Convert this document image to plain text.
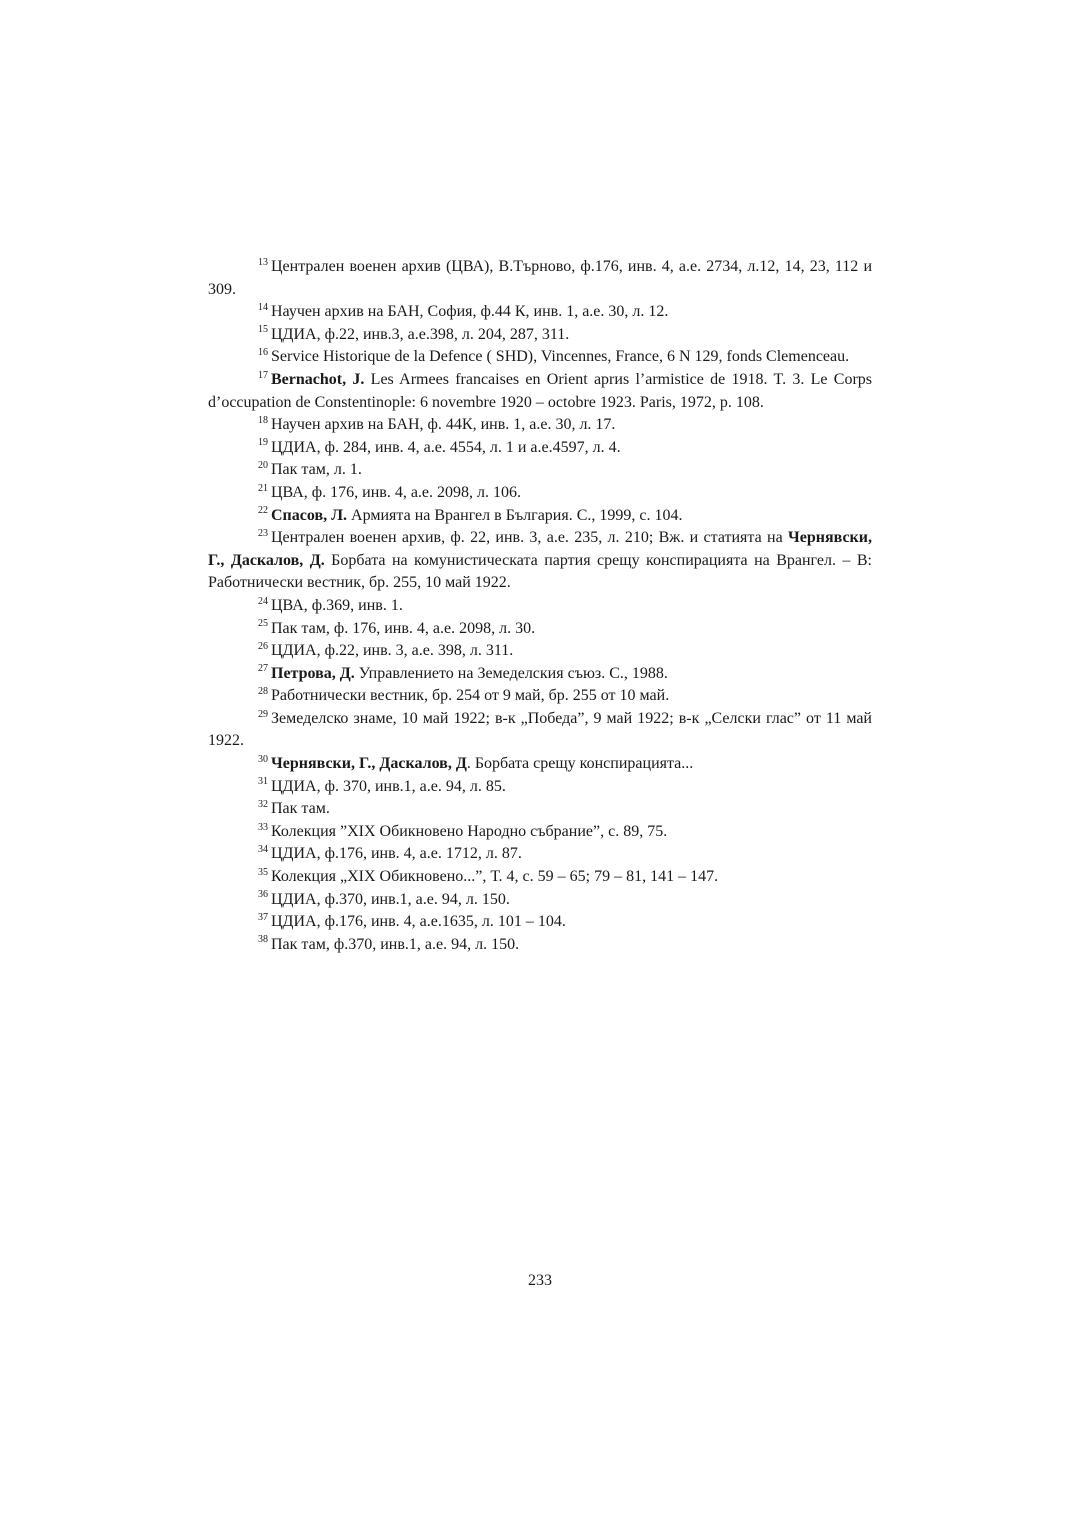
$^{13}$ Централен военен архив (ЦВА), В.Търново, ф.176, инв. 4, а.е. 2734, л.12, 14, 23, 112 и 309.

$^{14}$ Научен архив на БАН, София, ф.44 К, инв. 1, а.е. 30, л. 12.

$^{15}$ ЦДИА, ф.22, инв.3, а.е.398, л. 204, 287, 311.

$^{16}$ Service Historique de la Defence ( SHD), Vincennes, France, 6 N 129, fonds Clemenceau.

$^{17}$ Bernachot, J. Les Armees francaises en Orient aprиs l’armistice de 1918. T. 3. Le Corps d’occupation de Constentinople: 6 novembre 1920 – octobre 1923. Paris, 1972, p. 108.

$^{18}$ Научен архив на БАН, ф. 44К, инв. 1, а.е. 30, л. 17.

$^{19}$ ЦДИА, ф. 284, инв. 4, а.е. 4554, л. 1 и а.е.4597, л. 4.

$^{20}$ Пак там, л. 1.

$^{21}$ ЦВА, ф. 176, инв. 4, а.е. 2098, л. 106.

$^{22}$ Спасов, Л. Армията на Врангел в България. С., 1999, с. 104.

$^{23}$ Централен военен архив, ф. 22, инв. 3, а.е. 235, л. 210; Вж. и статията на Чернявски, Г., Даскалов, Д. Борбата на комунистическата партия срещу конспирацията на Врангел. – В: Работнически вестник, бр. 255, 10 май 1922.

$^{24}$ ЦВА, ф.369, инв. 1.

$^{25}$ Пак там, ф. 176, инв. 4, а.е. 2098, л. 30.

$^{26}$ ЦДИА, ф.22, инв. 3, а.е. 398, л. 311.

$^{27}$ Петрова, Д. Управлението на Земеделския съюз. С., 1988.

$^{28}$ Работнически вестник, бр. 254 от 9 май, бр. 255 от 10 май.

$^{29}$ Земеделско знаме, 10 май 1922; в-к „Победа”, 9 май 1922; в-к „Селски глас” от 11 май 1922.

$^{30}$ Чернявски, Г., Даскалов, Д. Борбата срещу конспирацията...

$^{31}$ ЦДИА, ф. 370, инв.1, а.е. 94, л. 85.

$^{32}$ Пак там.

$^{33}$ Колекция ”XIX Обикновено Народно събрание”, с. 89, 75.

$^{34}$ ЦДИА, ф.176, инв. 4, а.е. 1712, л. 87.

$^{35}$ Колекция „XIX Обикновено...”, Т. 4, с. 59 – 65; 79 – 81, 141 – 147.

$^{36}$ ЦДИА, ф.370, инв.1, а.е. 94, л. 150.

$^{37}$ ЦДИА, ф.176, инв. 4, а.е.1635, л. 101 – 104.

$^{38}$ Пак там, ф.370, инв.1, а.е. 94, л. 150.

233
